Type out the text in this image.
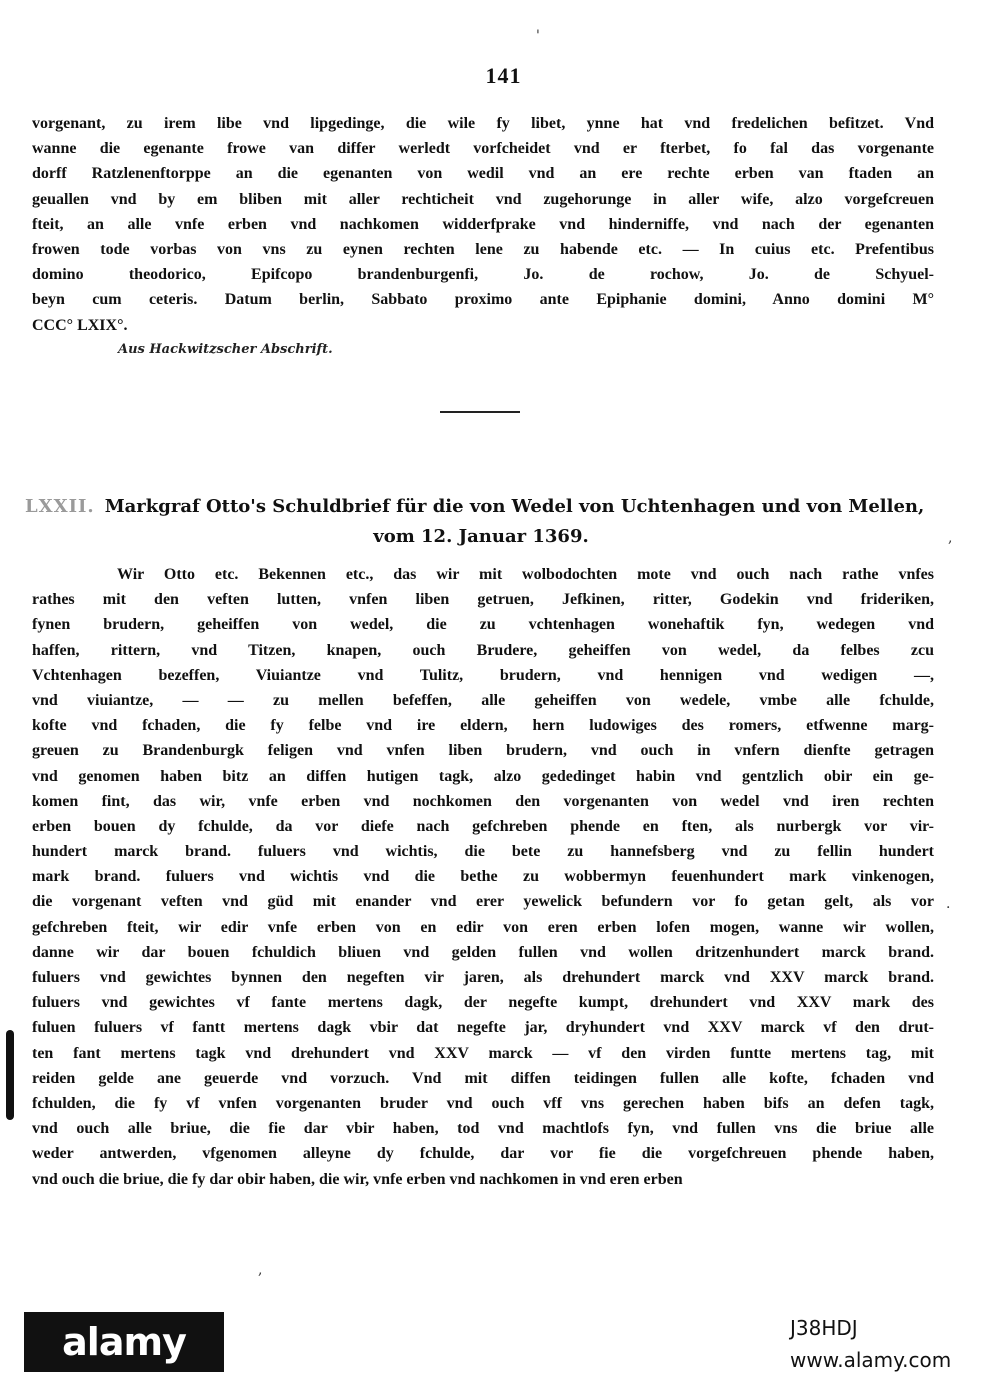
141
vorgenant, zu irem libe vnd lipgedinge, die wile fy libet, ynne hat vnd fredelichen befitzet. Vnd
wanne die egenante frowe van differ werledt vorfcheidet vnd er fterbet, fo fal das vorgenante
dorff Ratzlenenftorppe an die egenanten von wedil vnd an ere rechte erben van ftaden an
geuallen vnd by em bliben mit aller rechticheit vnd zugehorunge in aller wife, alzo vorgefcreuen
fteit, an alle vnfe erben vnd nachkomen widderfprake vnd hinderniffe, vnd nach der egenanten
frowen tode vorbas von vns zu eynen rechten lene zu habende etc. — In cuius etc. Prefentibus
domino theodorico, Epifcopo brandenburgenfi, Jo. de rochow, Jo. de Schyuel-
beyn cum ceteris. Datum berlin, Sabbato proximo ante Epiphanie domini, Anno domini M°
CCC° LXIX°.
Aus Hackwitzscher Abschrift.
LXXII. Markgraf Otto's Schuldbrief für die von Wedel von Uchtenhagen und von Mellen,
vom 12. Januar 1369.
Wir Otto etc. Bekennen etc., das wir mit wolbodochten mote vnd ouch nach rathe vnfes
rathes mit den veften lutten, vnfen liben getruen, Jefkinen, ritter, Godekin vnd frideriken,
fynen brudern, geheiffen von wedel, die zu vchtenhagen wonehaftik fyn, wedegen vnd
haffen, rittern, vnd Titzen, knapen, ouch Brudere, geheiffen von wedel, da felbes zcu
Vchtenhagen bezeffen, Viuiantze vnd Tulitz, brudern, vnd hennigen vnd wedigen —,
vnd viuiantze, — — zu mellen befeffen, alle geheiffen von wedele, vmbe alle fchulde,
kofte vnd fchaden, die fy felbe vnd ire eldern, hern ludowiges des romers, etfwenne marg-
greuen zu Brandenburgk feligen vnd vnfen liben brudern, vnd ouch in vnfern dienfte getragen
vnd genomen haben bitz an diffen hutigen tagk, alzo gededinget habin vnd gentzlich obir ein ge-
komen fint, das wir, vnfe erben vnd nochkomen den vorgenanten von wedel vnd iren rechten
erben bouen dy fchulde, da vor diefe nach gefchreben phende en ften, als nurbergk vor vir-
hundert marck brand. fuluers vnd wichtis, die bete zu hannefsberg vnd zu fellin hundert
mark brand. fuluers vnd wichtis vnd die bethe zu wobbermyn feuenhundert mark vinkenogen,
die vorgenant veften vnd güd mit enander vnd erer yewelick befundern vor fo getan gelt, als vor
gefchreben fteit, wir edir vnfe erben von en edir von eren erben lofen mogen, wanne wir wollen,
danne wir dar bouen fchuldich bliuen vnd gelden fullen vnd wollen dritzenhundert marck brand.
fuluers vnd gewichtes bynnen den negeften vir jaren, als drehundert marck vnd XXV marck brand.
fuluers vnd gewichtes vf fante mertens dagk, der negefte kumpt, drehundert vnd XXV mark des
fuluen fuluers vf fantt mertens dagk vbir dat negefte jar, dryhundert vnd XXV marck vf den drut-
ten fant mertens tagk vnd drehundert vnd XXV marck — vf den virden funtte mertens tag, mit
reiden gelde ane geuerde vnd vorzuch. Vnd mit diffen teidingen fullen alle kofte, fchaden vnd
fchulden, die fy vf vnfen vorgenanten bruder vnd ouch vff vns gerechen haben bifs an defen tagk,
vnd ouch alle briue, die fie dar vbir haben, tod vnd machtlofs fyn, vnd fullen vns die briue alle
weder antwerden, vfgenomen alleyne dy fchulde, dar vor fie die vorgefchreuen phende haben,
vnd ouch die briue, die fy dar obir haben, die wir, vnfe erben vnd nachkomen in vnd eren erben
'
,
·
,
alamy	J38HDJ
www.alamy.com
